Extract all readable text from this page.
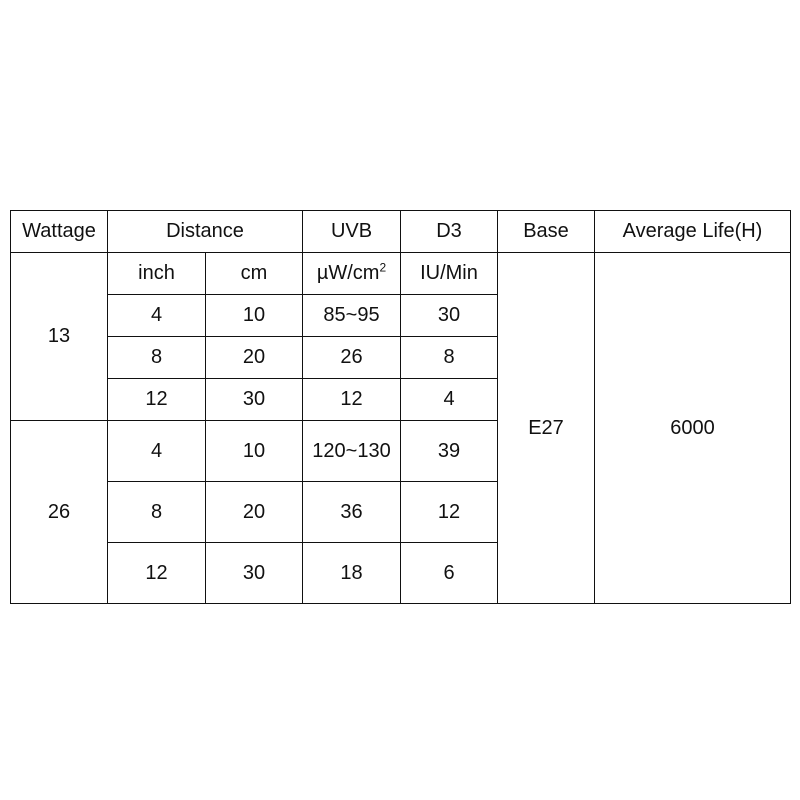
Wattage	Distance		UVB	D3	Base	Average Life(H)
13	inch	cm	$\mu W/cm^2$	IU/Min	E27	6000
	4	10	85~95	30		
	8	20	26	8		
	12	30	12	4		
26	4	10	120~130	39		
	8	20	36	12		
	12	30	18	6		
